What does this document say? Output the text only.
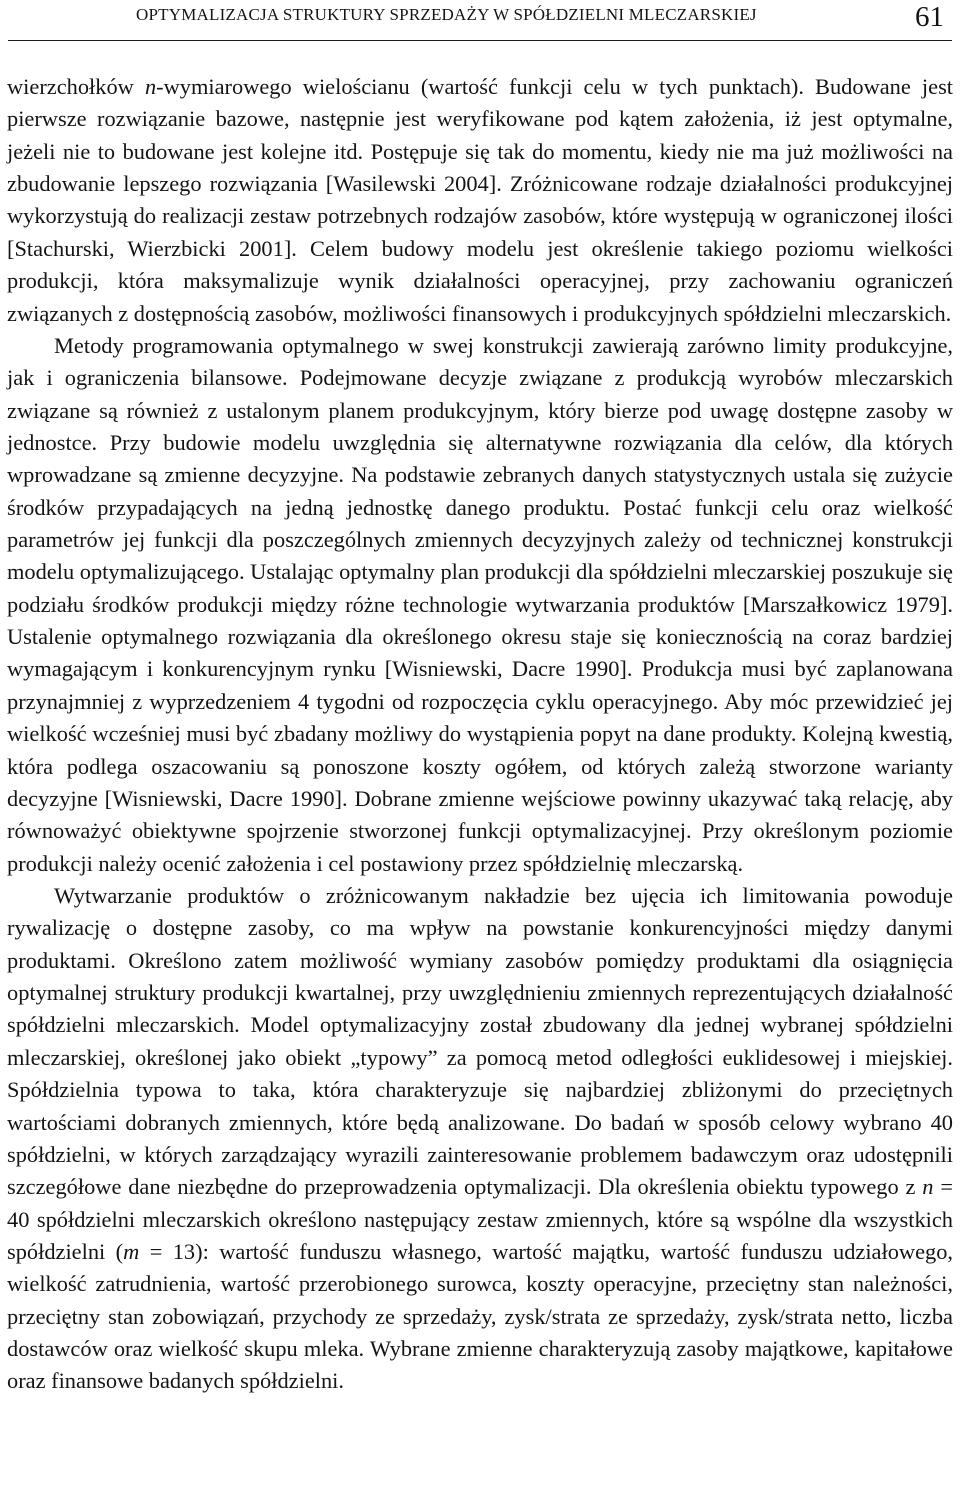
OPTYMALIZACJA STRUKTURY SPRZEDAŻY W SPÓŁDZIELNI MLECZARSKIEJ	61

wierzchołków n-wymiarowego wielościanu (wartość funkcji celu w tych punktach). Budowane jest pierwsze rozwiązanie bazowe, następnie jest weryfikowane pod kątem założenia, iż jest optymalne, jeżeli nie to budowane jest kolejne itd. Postępuje się tak do momentu, kiedy nie ma już możliwości na zbudowanie lepszego rozwiązania [Wasilewski 2004]. Zróżnicowane rodzaje działalności produkcyjnej wykorzystują do realizacji zestaw potrzebnych rodzajów zasobów, które występują w ograniczonej ilości [Stachurski, Wierzbicki 2001]. Celem budowy modelu jest określenie takiego poziomu wielkości produkcji, która maksymalizuje wynik działalności operacyjnej, przy zachowaniu ograniczeń związanych z dostępnością zasobów, możliwości finansowych i produkcyjnych spółdzielni mleczarskich.

Metody programowania optymalnego w swej konstrukcji zawierają zarówno limity produkcyjne, jak i ograniczenia bilansowe. Podejmowane decyzje związane z produkcją wyrobów mleczarskich związane są również z ustalonym planem produkcyjnym, który bierze pod uwagę dostępne zasoby w jednostce. Przy budowie modelu uwzględnia się alternatywne rozwiązania dla celów, dla których wprowadzane są zmienne decyzyjne. Na podstawie zebranych danych statystycznych ustala się zużycie środków przypadających na jedną jednostkę danego produktu. Postać funkcji celu oraz wielkość parametrów jej funkcji dla poszczególnych zmiennych decyzyjnych zależy od technicznej konstrukcji modelu optymalizującego. Ustalając optymalny plan produkcji dla spółdzielni mleczarskiej poszukuje się podziału środków produkcji między różne technologie wytwarzania produktów [Marszałkowicz 1979]. Ustalenie optymalnego rozwiązania dla określonego okresu staje się koniecznością na coraz bardziej wymagającym i konkurencyjnym rynku [Wisniewski, Dacre 1990]. Produkcja musi być zaplanowana przynajmniej z wyprzedzeniem 4 tygodni od rozpoczęcia cyklu operacyjnego. Aby móc przewidzieć jej wielkość wcześniej musi być zbadany możliwy do wystąpienia popyt na dane produkty. Kolejną kwestią, która podlega oszacowaniu są ponoszone koszty ogółem, od których zależą stworzone warianty decyzyjne [Wisniewski, Dacre 1990]. Dobrane zmienne wejściowe powinny ukazywać taką relację, aby równoważyć obiektywne spojrzenie stworzonej funkcji optymalizacyjnej. Przy określonym poziomie produkcji należy ocenić założenia i cel postawiony przez spółdzielnię mleczarską.

Wytwarzanie produktów o zróżnicowanym nakładzie bez ujęcia ich limitowania powoduje rywalizację o dostępne zasoby, co ma wpływ na powstanie konkurencyjności między danymi produktami. Określono zatem możliwość wymiany zasobów pomiędzy produktami dla osiągnięcia optymalnej struktury produkcji kwartalnej, przy uwzględnieniu zmiennych reprezentujących działalność spółdzielni mleczarskich. Model optymalizacyjny został zbudowany dla jednej wybranej spółdzielni mleczarskiej, określonej jako obiekt „typowy” za pomocą metod odległości euklidesowej i miejskiej. Spółdzielnia typowa to taka, która charakteryzuje się najbardziej zbliżonymi do przeciętnych wartościami dobranych zmiennych, które będą analizowane. Do badań w sposób celowy wybrano 40 spółdzielni, w których zarządzający wyrazili zainteresowanie problemem badawczym oraz udostępnili szczegółowe dane niezbędne do przeprowadzenia optymalizacji. Dla określenia obiektu typowego z n = 40 spółdzielni mleczarskich określono następujący zestaw zmiennych, które są wspólne dla wszystkich spółdzielni (m = 13): wartość funduszu własnego, wartość majątku, wartość funduszu udziałowego, wielkość zatrudnienia, wartość przerobionego surowca, koszty operacyjne, przeciętny stan należności, przeciętny stan zobowiązań, przychody ze sprzedaży, zysk/strata ze sprzedaży, zysk/strata netto, liczba dostawców oraz wielkość skupu mleka. Wybrane zmienne charakteryzują zasoby majątkowe, kapitałowe oraz finansowe badanych spółdzielni.
